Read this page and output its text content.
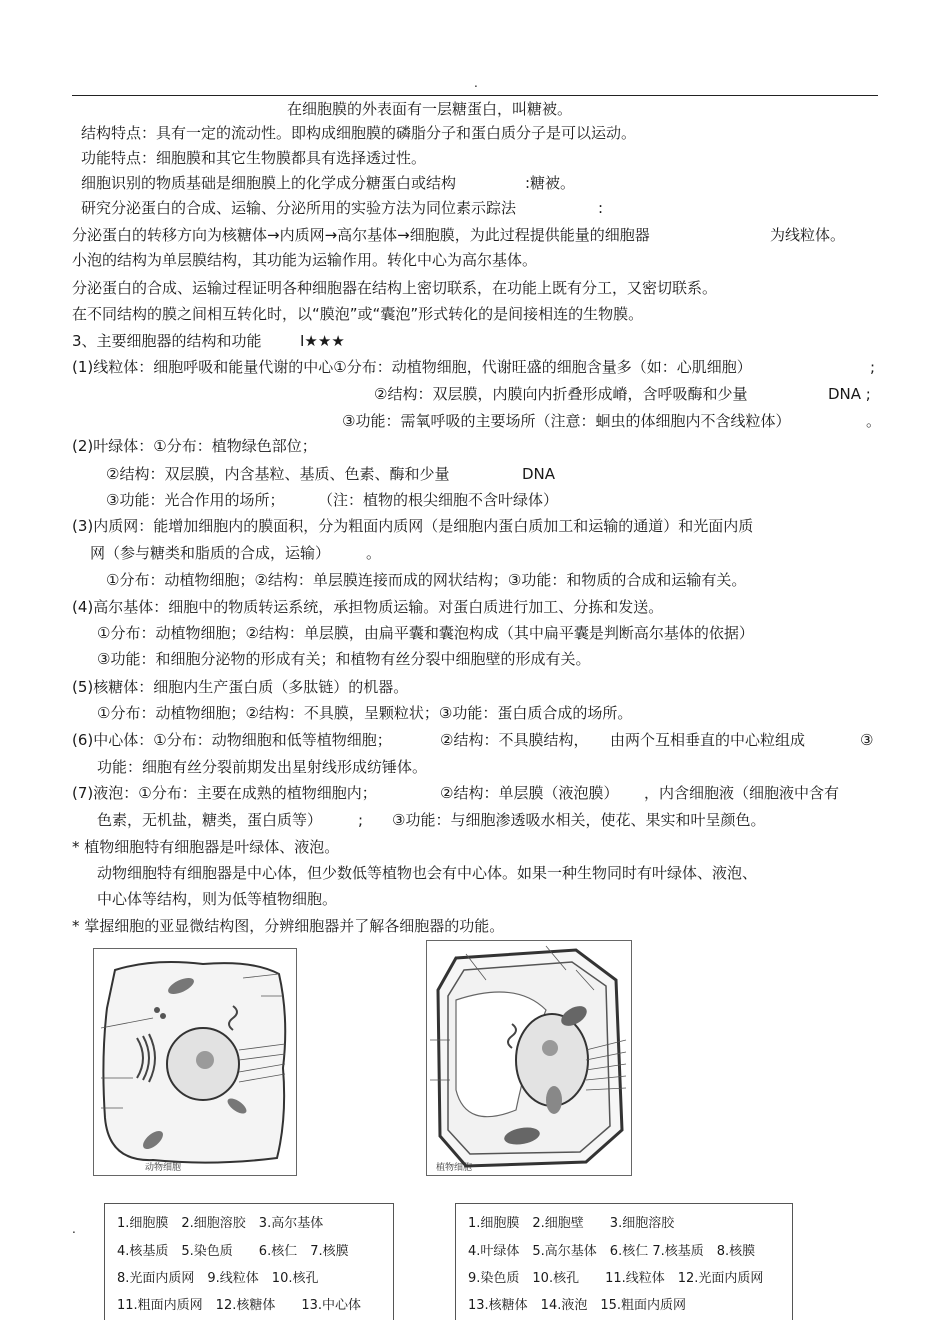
.
在细胞膜的外表面有一层糖蛋白，叫糖被。
结构特点：具有一定的流动性。即构成细胞膜的磷脂分子和蛋白质分子是可以运动。
功能特点：细胞膜和其它生物膜都具有选择透过性。
细胞识别的物质基础是细胞膜上的化学成分糖蛋白或结构	:糖被。
研究分泌蛋白的合成、运输、分泌所用的实验方法为同位素示踪法	:
分泌蛋白的转移方向为核糖体→内质网→高尔基体→细胞膜，为此过程提供能量的细胞器	为线粒体。
小泡的结构为单层膜结构，其功能为运输作用。转化中心为高尔基体。
分泌蛋白的合成、运输过程证明各种细胞器在结构上密切联系，在功能上既有分工，又密切联系。
在不同结构的膜之间相互转化时，以“膜泡”或“囊泡”形式转化的是间接相连的生物膜。
3、主要细胞器的结构和功能	Ⅰ★★★
(1)线粒体：细胞呼吸和能量代谢的中心①分布：动植物细胞，代谢旺盛的细胞含量多（如：心肌细胞）	;
②结构：双层膜，内膜向内折叠形成嵴，含呼吸酶和少量	DNA ;
③功能：需氧呼吸的主要场所（注意：蛔虫的体细胞内不含线粒体）	。
(2)叶绿体：①分布：植物绿色部位；
②结构：双层膜，内含基粒、基质、色素、酶和少量	DNA
③功能：光合作用的场所； （注：植物的根尖细胞不含叶绿体）
(3)内质网：能增加细胞内的膜面积，分为粗面内质网（是细胞内蛋白质加工和运输的通道）和光面内质
网（参与糖类和脂质的合成，运输） 。
①分布：动植物细胞；②结构：单层膜连接而成的网状结构；③功能：和物质的合成和运输有关。
(4)高尔基体：细胞中的物质转运系统，承担物质运输。对蛋白质进行加工、分拣和发送。
①分布：动植物细胞；②结构：单层膜，由扁平囊和囊泡构成（其中扁平囊是判断高尔基体的依据）
③功能：和细胞分泌物的形成有关；和植物有丝分裂中细胞壁的形成有关。
(5)核糖体：细胞内生产蛋白质（多肽链）的机器。
①分布：动植物细胞；②结构：不具膜，呈颗粒状；③功能：蛋白质合成的场所。
(6)中心体：①分布：动物细胞和低等植物细胞；	②结构：不具膜结构， 由两个互相垂直的中心粒组成	③
功能：细胞有丝分裂前期发出星射线形成纺锤体。
(7)液泡：①分布：主要在成熟的植物细胞内；	②结构：单层膜（液泡膜） ，内含细胞液（细胞液中含有
色素，无机盐，糖类，蛋白质等） ; ③功能：与细胞渗透吸水相关，使花、果实和叶呈颜色。
* 植物细胞特有细胞器是叶绿体、液泡。
动物细胞特有细胞器是中心体，但少数低等植物也会有中心体。如果一种生物同时有叶绿体、液泡、
中心体等结构，则为低等植物细胞。
* 掌握细胞的亚显微结构图，分辨细胞器并了解各细胞器的功能。
动物细胞	植物细胞
.	1.细胞膜　2.细胞溶胶　3.高尔基体
4.核基质　5.染色质　　6.核仁　7.核膜
8.光面内质网　9.线粒体　10.核孔
11.粗面内质网　12.核糖体　　13.中心体
1.细胞膜　2.细胞壁　　3.细胞溶胶
4.叶绿体　5.高尔基体　6.核仁 7.核基质　8.核膜
9.染色质　10.核孔　　11.线粒体　12.光面内质网
13.核糖体　14.液泡　15.粗面内质网
